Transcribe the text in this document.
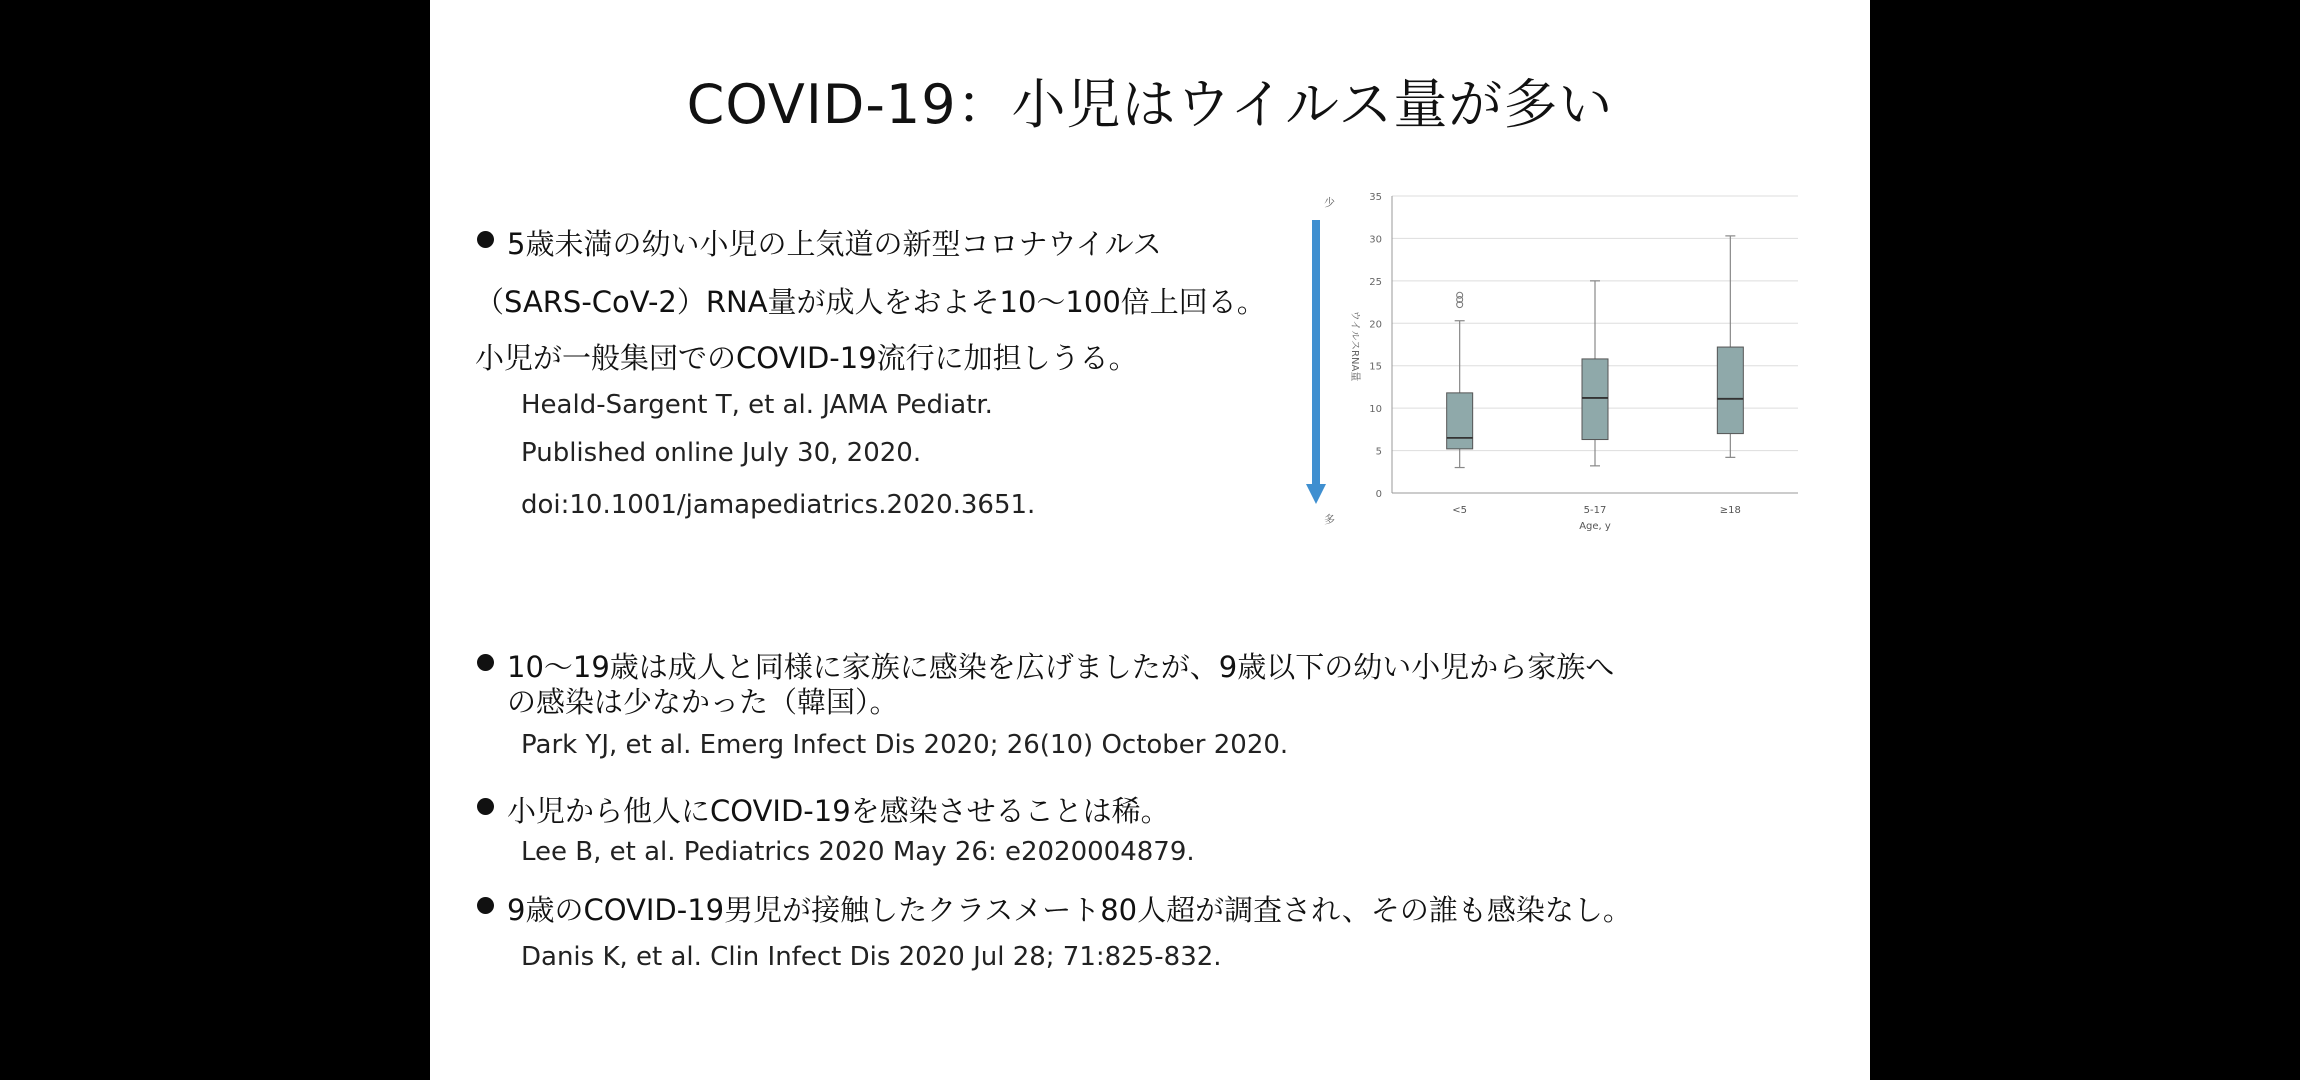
COVID-19：小児はウイルス量が多い
5歳未満の幼い小児の上気道の新型コロナウイルス
（SARS-CoV-2）RNA量が成人をおよそ10～100倍上回る。
小児が一般集団でのCOVID-19流行に加担しうる。
Heald-Sargent T, et al. JAMA Pediatr.
Published online July 30, 2020.
doi:10.1001/jamapediatrics.2020.3651.	0
5
10
15
20
25
30
35
<5	5-17	≥18
Age, y
少
多
ウイルスRNA量
10～19歳は成人と同様に家族に感染を広げましたが、9歳以下の幼い小児から家族へ
の感染は少なかった（韓国）。
Park YJ, et al. Emerg Infect Dis 2020; 26(10) October 2020.
小児から他人にCOVID-19を感染させることは稀。
Lee B, et al. Pediatrics 2020 May 26: e2020004879.
9歳のCOVID-19男児が接触したクラスメート80人超が調査され、その誰も感染なし。
Danis K, et al. Clin Infect Dis 2020 Jul 28; 71:825-832.
